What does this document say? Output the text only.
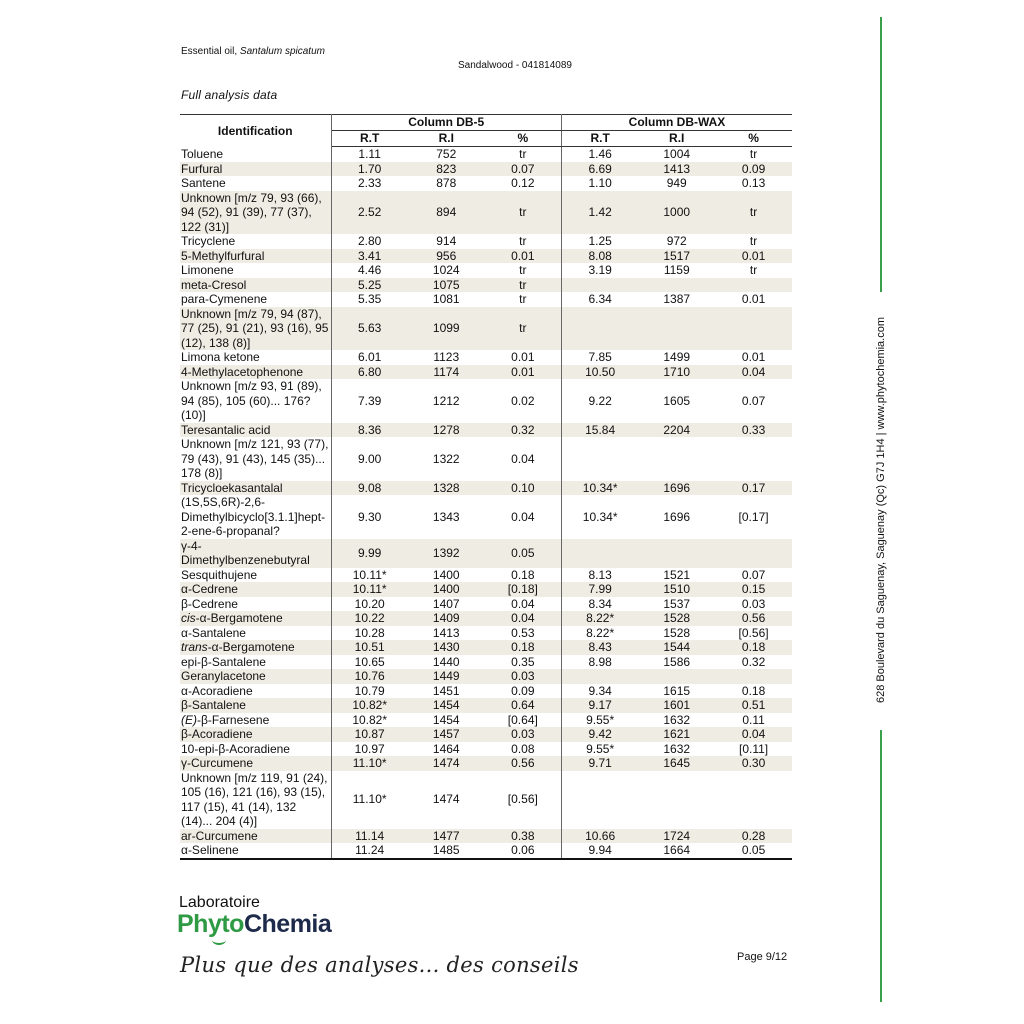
Essential oil, Santalum spicatum
Sandalwood - 041814089
Full analysis data
Identification	Column DB-5			Column DB-WAX		
	R.T	R.I	%	R.T	R.I	%
Toluene	1.11	752	tr	1.46	1004	tr
Furfural	1.70	823	0.07	6.69	1413	0.09
Santene	2.33	878	0.12	1.10	949	0.13
Unknown [m/z 79, 93 (66), 94 (52), 91 (39), 77 (37), 122 (31)]	2.52	894	tr	1.42	1000	tr
Tricyclene	2.80	914	tr	1.25	972	tr
5-Methylfurfural	3.41	956	0.01	8.08	1517	0.01
Limonene	4.46	1024	tr	3.19	1159	tr
meta-Cresol	5.25	1075	tr			
para-Cymenene	5.35	1081	tr	6.34	1387	0.01
Unknown [m/z 79, 94 (87), 77 (25), 91 (21), 93 (16), 95 (12), 138 (8)]	5.63	1099	tr			
Limona ketone	6.01	1123	0.01	7.85	1499	0.01
4-Methylacetophenone	6.80	1174	0.01	10.50	1710	0.04
Unknown [m/z 93, 91 (89), 94 (85), 105 (60)... 176? (10)]	7.39	1212	0.02	9.22	1605	0.07
Teresantalic acid	8.36	1278	0.32	15.84	2204	0.33
Unknown [m/z 121, 93 (77), 79 (43), 91 (43), 145 (35)... 178 (8)]	9.00	1322	0.04			
Tricycloekasantalal	9.08	1328	0.10	10.34*	1696	0.17
(1S,5S,6R)-2,6-Dimethylbicyclo[3.1.1]hept-2-ene-6-propanal?	9.30	1343	0.04	10.34*	1696	[0.17]
γ-4-Dimethylbenzenebutyral	9.99	1392	0.05			
Sesquithujene	10.11*	1400	0.18	8.13	1521	0.07
α-Cedrene	10.11*	1400	[0.18]	7.99	1510	0.15
β-Cedrene	10.20	1407	0.04	8.34	1537	0.03
cis-α-Bergamotene	10.22	1409	0.04	8.22*	1528	0.56
α-Santalene	10.28	1413	0.53	8.22*	1528	[0.56]
trans-α-Bergamotene	10.51	1430	0.18	8.43	1544	0.18
epi-β-Santalene	10.65	1440	0.35	8.98	1586	0.32
Geranylacetone	10.76	1449	0.03			
α-Acoradiene	10.79	1451	0.09	9.34	1615	0.18
β-Santalene	10.82*	1454	0.64	9.17	1601	0.51
(E)-β-Farnesene	10.82*	1454	[0.64]	9.55*	1632	0.11
β-Acoradiene	10.87	1457	0.03	9.42	1621	0.04
10-epi-β-Acoradiene	10.97	1464	0.08	9.55*	1632	[0.11]
γ-Curcumene	11.10*	1474	0.56	9.71	1645	0.30
Unknown [m/z 119, 91 (24), 105 (16), 121 (16), 93 (15), 117 (15), 41 (14), 132 (14)... 204 (4)]	11.10*	1474	[0.56]			
ar-Curcumene	11.14	1477	0.38	10.66	1724	0.28
α-Selinene	11.24	1485	0.06	9.94	1664	0.05
628 Boulevard du Saguenay, Saguenay (Qc) G7J 1H4 | www.phytochemia.com
Laboratoire
PhytoChemia
Plus que des analyses... des conseils	Page 9/12
